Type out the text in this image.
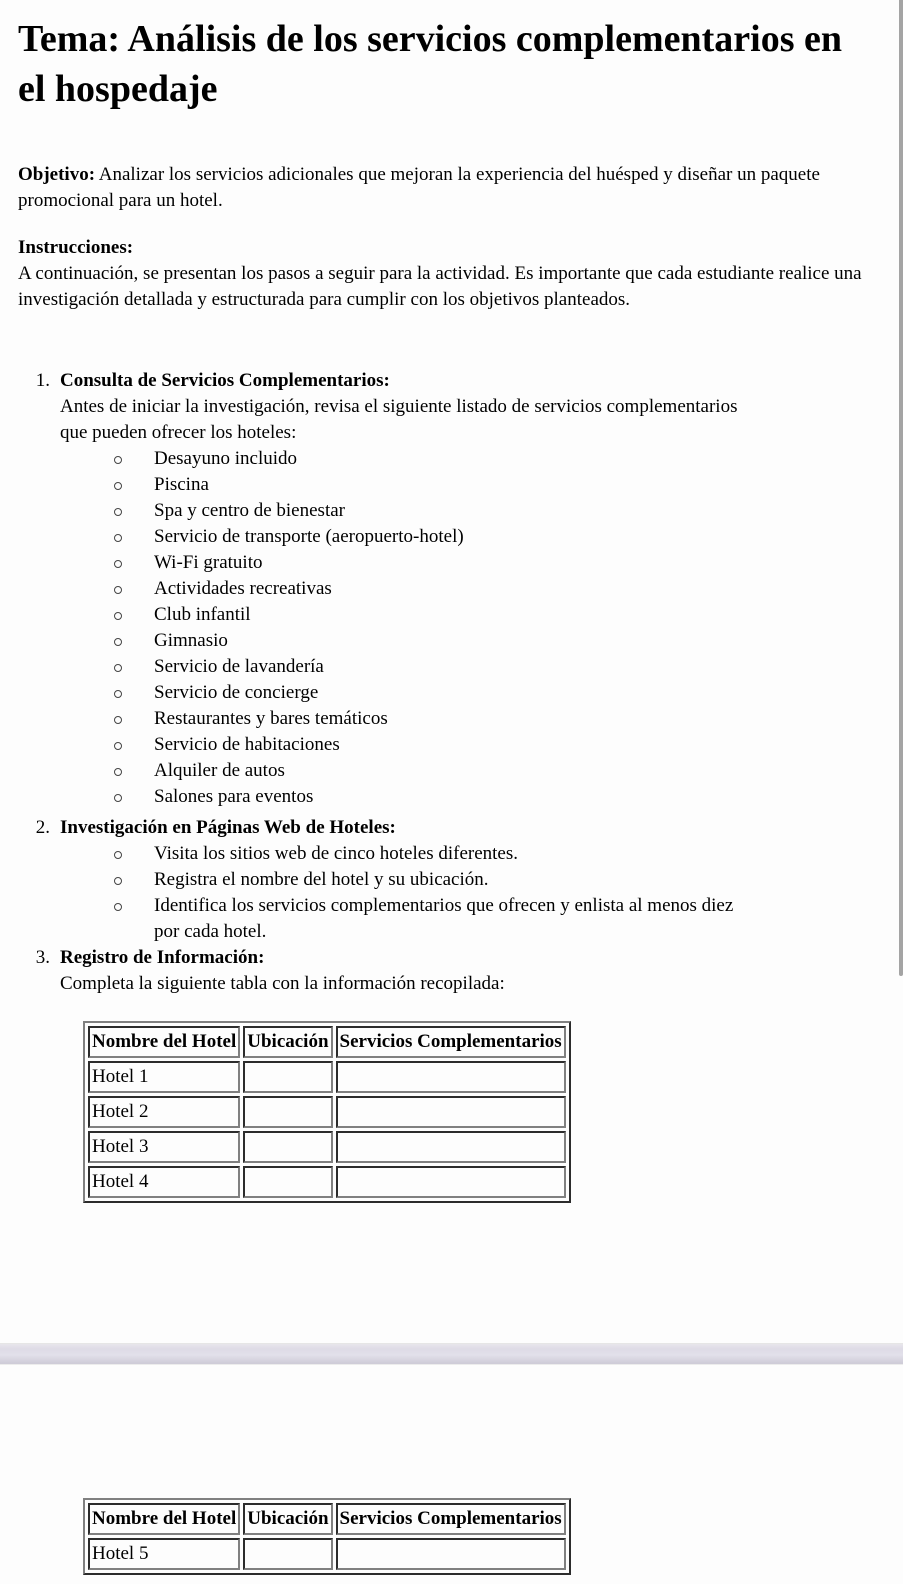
Tema: Análisis de los servicios complementarios en el hospedaje

Objetivo: Analizar los servicios adicionales que mejoran la experiencia del huésped y diseñar un paquete promocional para un hotel.

Instrucciones:

A continuación, se presentan los pasos a seguir para la actividad. Es importante que cada estudiante realice una investigación detallada y estructurada para cumplir con los objetivos planteados.

1. Consulta de Servicios Complementarios:
Antes de iniciar la investigación, revisa el siguiente listado de servicios complementarios que pueden ofrecer los hoteles:
Desayuno incluido
Piscina
Spa y centro de bienestar
Servicio de transporte (aeropuerto-hotel)
Wi-Fi gratuito
Actividades recreativas
Club infantil
Gimnasio
Servicio de lavandería
Servicio de concierge
Restaurantes y bares temáticos
Servicio de habitaciones
Alquiler de autos
Salones para eventos
2. Investigación en Páginas Web de Hoteles:
Visita los sitios web de cinco hoteles diferentes.
Registra el nombre del hotel y su ubicación.
Identifica los servicios complementarios que ofrecen y enlista al menos diez
por cada hotel.
3. Registro de Información:
Completa la siguiente tabla con la información recopilada:
Nombre del Hotel	Ubicación	Servicios Complementarios
Hotel 1		
Hotel 2		
Hotel 3		
Hotel 4		
Nombre del Hotel	Ubicación	Servicios Complementarios
Hotel 5		
